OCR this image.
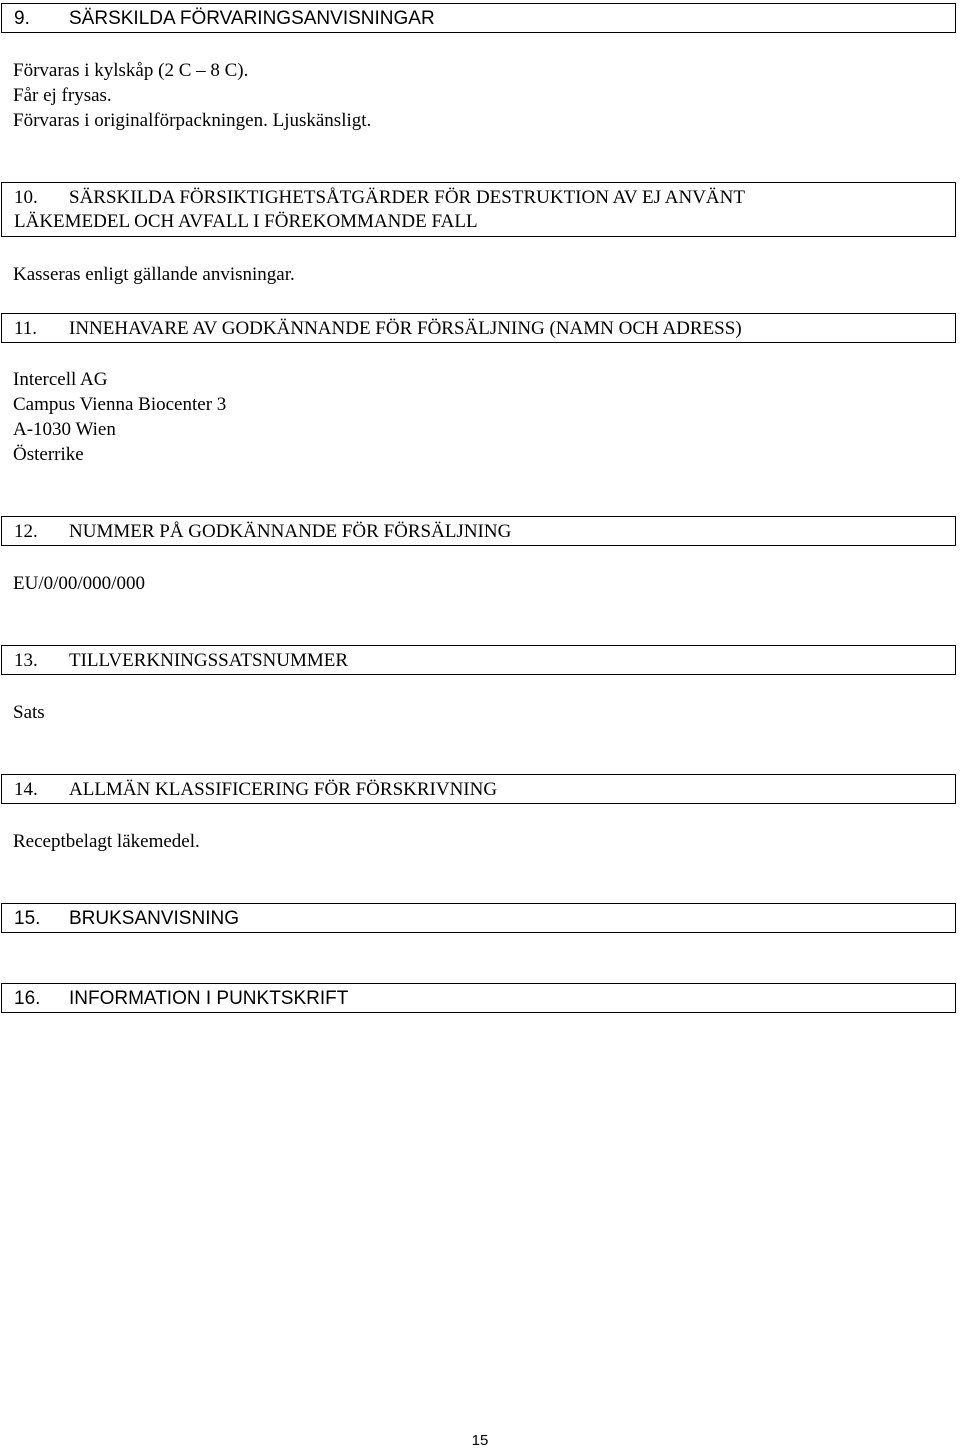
9. SÄRSKILDA FÖRVARINGSANVISNINGAR
Förvaras i kylskåp (2 C – 8 C).
Får ej frysas.
Förvaras i originalförpackningen. Ljuskänsligt.
10. SÄRSKILDA FÖRSIKTIGHETSÅTGÄRDER FÖR DESTRUKTION AV EJ ANVÄNT
LÄKEMEDEL OCH AVFALL I FÖREKOMMANDE FALL
Kasseras enligt gällande anvisningar.
11. INNEHAVARE AV GODKÄNNANDE FÖR FÖRSÄLJNING (NAMN OCH ADRESS)
Intercell AG
Campus Vienna Biocenter 3
A-1030 Wien
Österrike
12. NUMMER PÅ GODKÄNNANDE FÖR FÖRSÄLJNING
EU/0/00/000/000
13. TILLVERKNINGSSATSNUMMER
Sats
14. ALLMÄN KLASSIFICERING FÖR FÖRSKRIVNING
Receptbelagt läkemedel.
15. BRUKSANVISNING
16. INFORMATION I PUNKTSKRIFT
15
